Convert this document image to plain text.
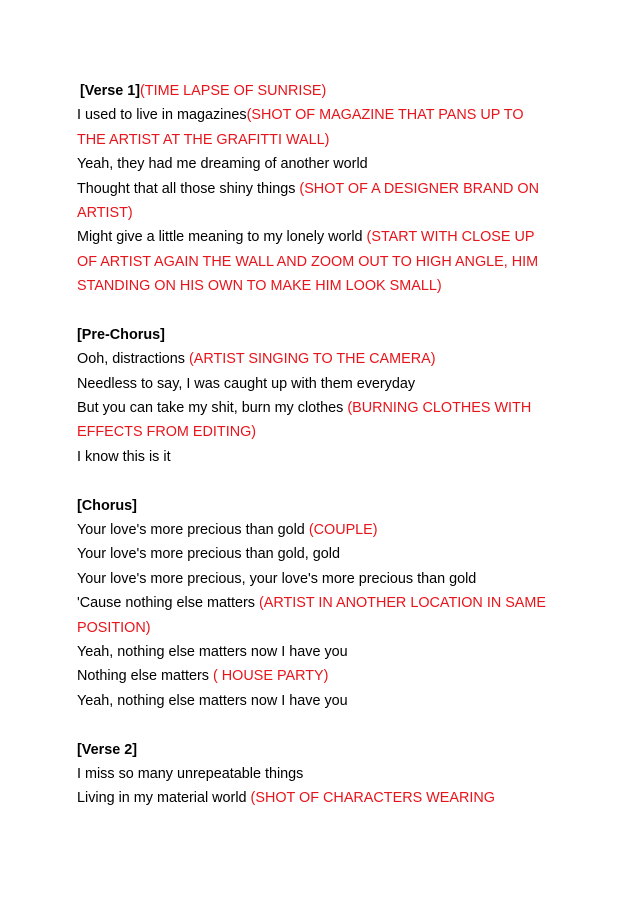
[Verse 1](TIME LAPSE OF SUNRISE)
I used to live in magazines(SHOT OF MAGAZINE THAT PANS UP TO
THE ARTIST AT THE GRAFITTI WALL)
Yeah, they had me dreaming of another world
Thought that all those shiny things (SHOT OF A DESIGNER BRAND ON
ARTIST)
Might give a little meaning to my lonely world (START WITH CLOSE UP
OF ARTIST AGAIN THE WALL AND ZOOM OUT TO HIGH ANGLE, HIM
STANDING ON HIS OWN TO MAKE HIM LOOK SMALL)
[Pre-Chorus]
Ooh, distractions (ARTIST SINGING TO THE CAMERA)
Needless to say, I was caught up with them everyday
But you can take my shit, burn my clothes (BURNING CLOTHES WITH
EFFECTS FROM EDITING)
I know this is it
[Chorus]
Your love's more precious than gold (COUPLE)
Your love's more precious than gold, gold
Your love's more precious, your love's more precious than gold
'Cause nothing else matters (ARTIST IN ANOTHER LOCATION IN SAME
POSITION)
Yeah, nothing else matters now I have you
Nothing else matters ( HOUSE PARTY)
Yeah, nothing else matters now I have you
[Verse 2]
I miss so many unrepeatable things
Living in my material world (SHOT OF CHARACTERS WEARING
